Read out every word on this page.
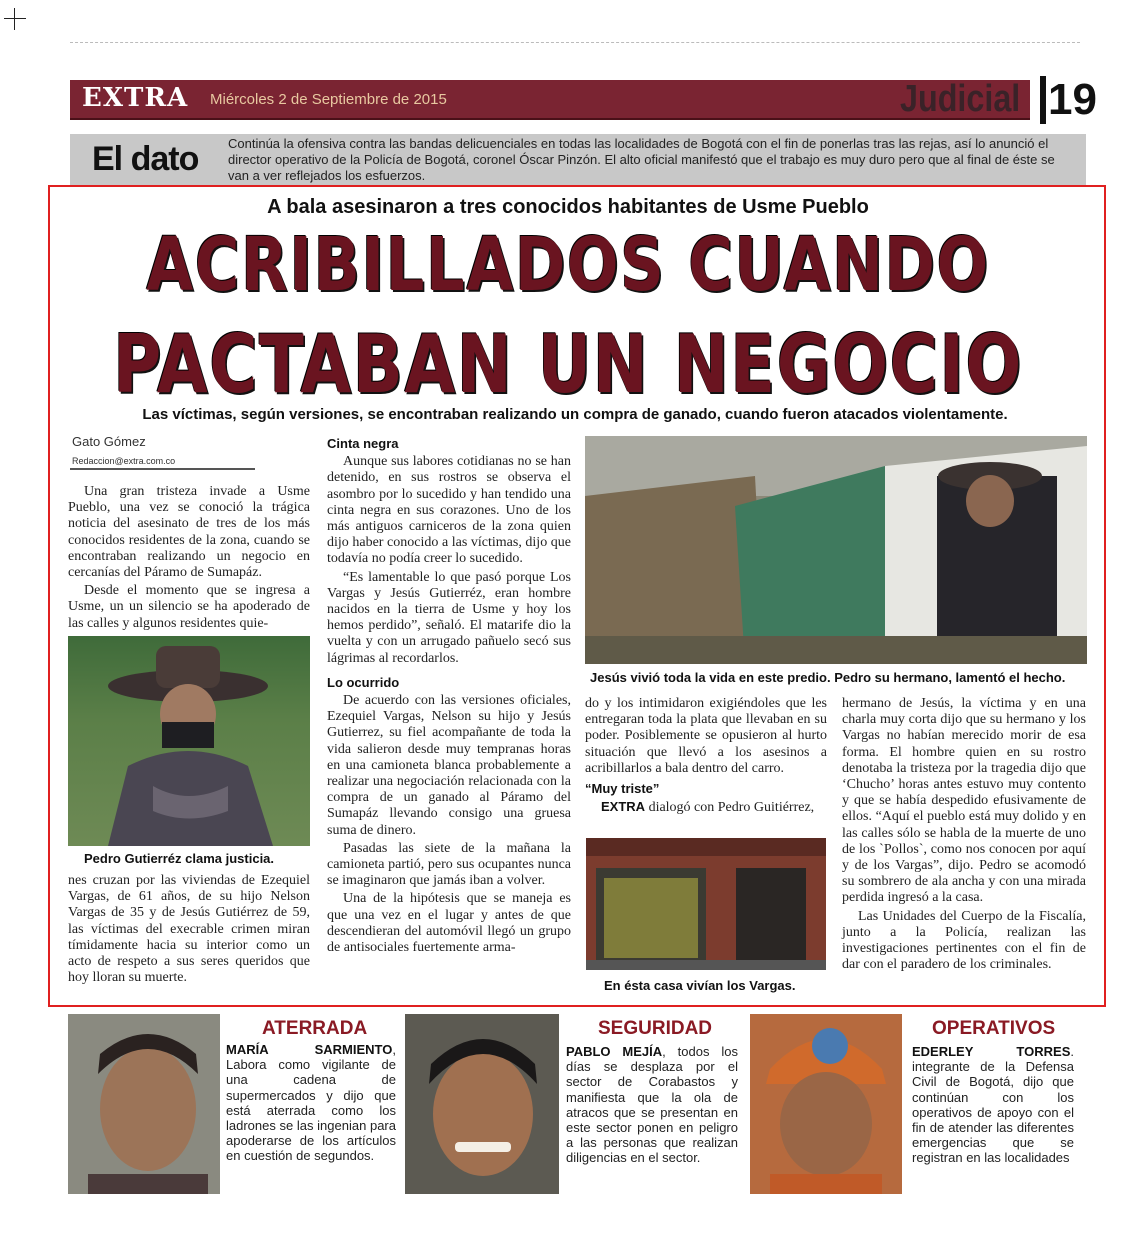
EXTRA Miércoles 2 de Septiembre de 2015	Judicial 19
El dato Continúa la ofensiva contra las bandas delicuenciales en todas las localidades de Bogotá con el fin de ponerlas tras las rejas, así lo anunció el director operativo de la Policía de Bogotá, coronel Óscar Pinzón. El alto oficial manifestó que el trabajo es muy duro pero que al final de éste se van a ver reflejados los esfuerzos.
A bala asesinaron a tres conocidos habitantes de Usme Pueblo
ACRIBILLADOS CUANDO
PACTABAN UN NEGOCIO
Las víctimas, según versiones, se encontraban realizando un compra de ganado, cuando fueron atacados violentamente.
Gato Gómez
Redaccion@extra.com.co

Una gran tristeza invade a Usme Pueblo, una vez se conoció la trágica noticia del asesinato de tres de los más conocidos residentes de la zona, cuando se encontraban realizando un negocio en cercanías del Páramo de Sumapáz.

Desde el momento que se ingresa a Usme, un un silencio se ha apoderado de las calles y algunos residentes quie-

Pedro Gutierréz clama justicia.

nes cruzan por las viviendas de Ezequiel Vargas, de 61 años, de su hijo Nelson Vargas de 35 y de Jesús Gutiérrez de 59, las víctimas del execrable crimen miran tímidamente hacia su interior como un acto de respeto a sus seres queridos que hoy lloran su muerte.

Cinta negra

Aunque sus labores cotidianas no se han detenido, en sus rostros se observa el asombro por lo sucedido y han tendido una cinta negra en sus corazones. Uno de los más antiguos carniceros de la zona quien dijo haber conocido a las víctimas, dijo que todavía no podía creer lo sucedido.

“Es lamentable lo que pasó porque Los Vargas y Jesús Gutierréz, eran hombre nacidos en la tierra de Usme y hoy los hemos perdido”, señaló. El matarife dio la vuelta y con un arrugado pañuelo secó sus lágrimas al recordarlos.

Lo ocurrido

De acuerdo con las versiones oficiales, Ezequiel Vargas, Nelson su hijo y Jesús Gutierrez, su fiel acompañante de toda la vida salieron desde muy tempranas horas en una camioneta blanca probablemente a realizar una negociación relacionada con la compra de un ganado al Páramo del Sumapáz llevando consigo una gruesa suma de dinero.

Pasadas las siete de la mañana la camioneta partió, pero sus ocupantes nunca se imaginaron que jamás iban a volver.

Una de la hipótesis que se maneja es que una vez en el lugar y antes de que descendieran del automóvil llegó un grupo de antisociales fuertemente arma-

Jesús vivió toda la vida en este predio. Pedro su hermano, lamentó el hecho.

do y los intimidaron exigiéndoles que les entregaran toda la plata que llevaban en su poder. Posiblemente se opusieron al hurto situación que llevó a los asesinos a acribillarlos a bala dentro del carro.

“Muy triste”

EXTRA dialogó con Pedro Guitiérrez,

En ésta casa vivían los Vargas.

hermano de Jesús, la víctima y en una charla muy corta dijo que su hermano y los Vargas no habían merecido morir de esa forma. El hombre quien en su rostro denotaba la tristeza por la tragedia dijo que ‘Chucho’ horas antes estuvo muy contento y que se había despedido efusivamente de ellos. “Aquí el pueblo está muy dolido y en las calles sólo se habla de la muerte de uno de los `Pollos`, como nos conocen por aquí y de los Vargas”, dijo. Pedro se acomodó su sombrero de ala ancha y con una mirada perdida ingresó a la casa.

Las Unidades del Cuerpo de la Fiscalía, junto a la Policía, realizan las investigaciones pertinentes con el fin de dar con el paradero de los criminales.

ATERRADA
MARÍA SARMIENTO, Labora como vigilante de una cadena de supermercados y dijo que está aterrada como los ladrones se las ingenian para apoderarse de los artículos en cuestión de segundos.
SEGURIDAD
PABLO MEJÍA, todos los días se desplaza por el sector de Corabastos y manifiesta que la ola de atracos que se presentan en este sector ponen en peligro a las personas que realizan diligencias en el sector.
OPERATIVOS
EDERLEY TORRES. integrante de la Defensa Civil de Bogotá, dijo que continúan con los operativos de apoyo con el fin de atender las diferentes emergencias que se registran en las localidades
